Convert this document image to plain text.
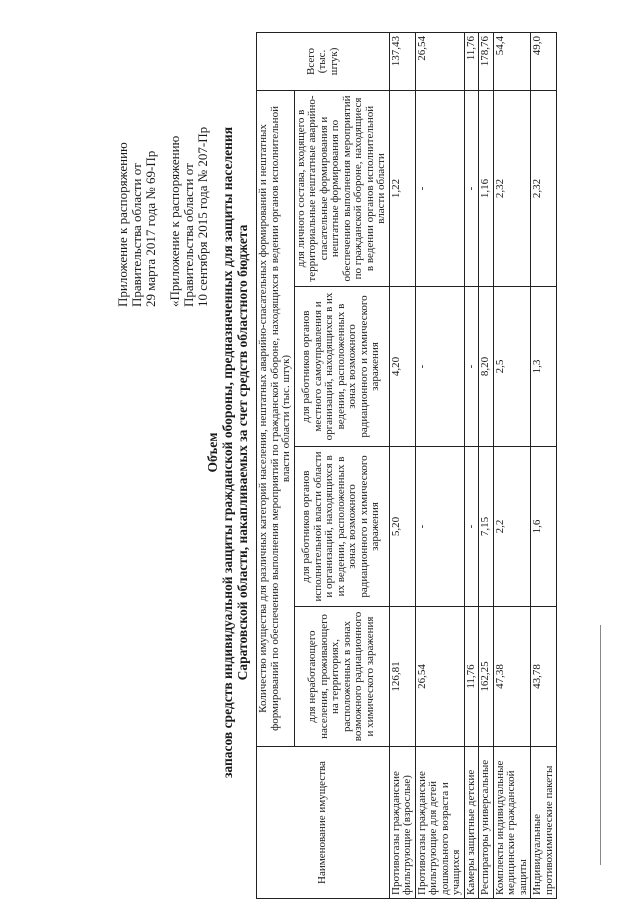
Приложение к распоряжению Правительства области от 29 марта 2017 года № 69-Пр «Приложение к распоряжению Правительства области от 10 сентября 2015 года № 207-Пр
Объем запасов средств индивидуальной защиты гражданской обороны, предназначенных для защиты населения Саратовской области, накапливаемых за счет средств областного бюджета
Наименование имущества	Количество имущества для различных категорий населения, нештатных аварийно-спасательных формирований и нештатных формирований по обеспечению выполнения мероприятий по гражданской обороне, находящихся в ведении органов исполнительной власти области (тыс. штук)				Всего (тыс. штук)
	для неработающего населения, проживающего на территориях, расположенных в зонах возможного радиационного и химического заражения	для работников органов исполнительной власти области и организаций, находящихся в их ведении, расположенных в зонах возможного радиационного и химического заражения	для работников органов местного самоуправления и организаций, находящихся в их ведении, расположенных в зонах возможного радиационного и химического заражения	для личного состава, входящего в территориальные нештатные аварийно-спасательные формирования и нештатные формирования по обеспечению выполнения мероприятий по гражданской обороне, находящиеся в ведении органов исполнительной власти области	
Противогазы гражданские фильтрующие (взрослые)	126,81	5,20	4,20	1,22	137,43
Противогазы гражданские фильтрующие для детей дошкольного возраста и учащихся	26,54	-	-	-	26,54
Камеры защитные детские	11,76	-	-	-	11,76
Респираторы универсальные	162,25	7,15	8,20	1,16	178,76
Комплекты индивидуальные медицинские гражданской защиты	47,38	2,2	2,5	2,32	54,4
Индивидуальные противохимические пакеты	43,78	1,6	1,3	2,32	49,0
